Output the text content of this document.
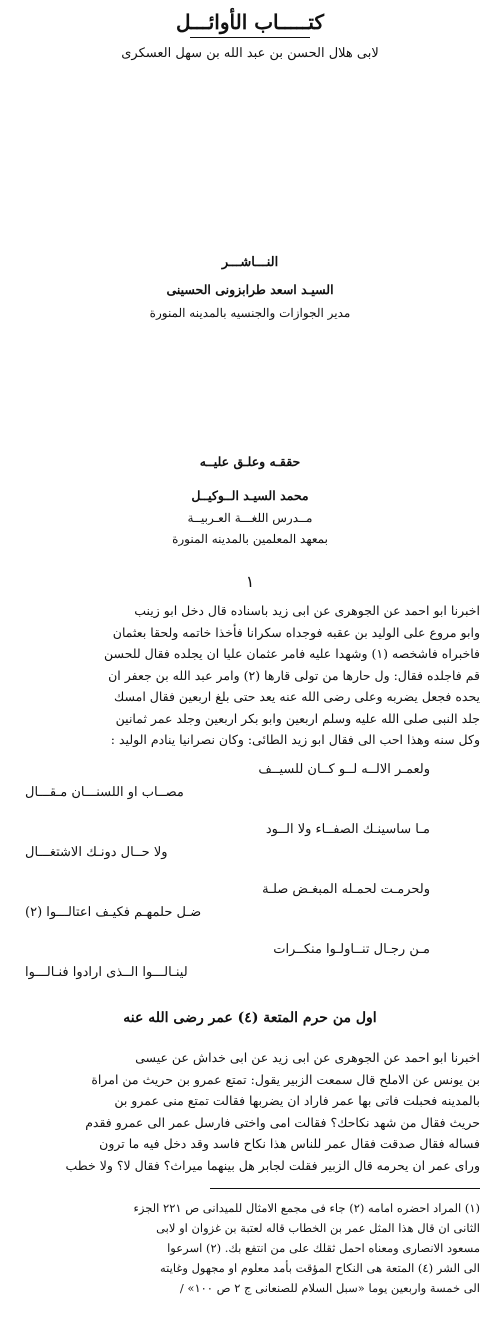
كتـــــاب الأوائـــل
لابى هلال الحسن بن عبد الله بن سهل العسكرى
النـــاشـــر
السيـد اسعد طرابزونى الحسينى
مدير الجوازات والجنسيه بالمدينه المنورة
حققـه وعلـق عليــه
محمد السيـد الــوكيــل
مــدرس اللغـــة العـربيــة
بمعهد المعلمين بالمدينه المنورة
١
اخبرنا ابو احمد عن الجوهرى عن ابى زيد باسناده قال دخل ابو زينب
وابو مروع على الوليد بن عقبه فوجداه سكرانا فأخذا خاتمه ولحقا بعثمان
فاخبراه فاشخصه (١) وشهدا عليه فامر عثمان عليا ان يجلده فقال للحسن
قم فاجلده فقال: ول حارها من تولى قارها (٢) وامر عبد الله بن جعفر ان
يحده فجعل يضربه وعلى رضى الله عنه يعد حتى بلغ اربعين فقال امسك
جلد النبى صلى الله عليه وسلم اربعين وابو بكر اربعين وجلد عمر ثمانين
وكل سنه وهذا احب الى فقال ابو زيد الطائى: وكان نصرانيا ينادم الوليد :
ولعمـر الالــه لــو كــان للسيــف
مصــاب او اللسنـــان مـقـــال
مـا ساسينـك الصفــاء ولا الــود
ولا حــال دونـك الاشتغـــال
ولحرمـت لحمـله المبغـض صلـة
ضـل حلمهـم فكيـف اعتالـــوا (٢)
مـن رجـال تنــاولـوا منكــرات
لينـالـــوا الــذى ارادوا فنـالـــوا
اول من حرم المتعة (٤) عمر رضى الله عنه
اخبرنا ابو احمد عن الجوهرى عن ابى زيد عن ابى خداش عن عيسى
بن يونس عن الاملح قال سمعت الزبير يقول: تمتع عمرو بن حريث من امراة
بالمدينه فحبلت فاتى بها عمر فاراد ان يضربها فقالت تمتع منى عمرو بن
حريث فقال من شهد نكاحك؟ فقالت امى واختى فارسل عمر الى عمرو فقدم
فساله فقال صدقت فقال عمر للناس هذا نكاح فاسد وقد دخل فيه ما ترون
وراى عمر ان يحرمه قال الزبير فقلت لجابر هل بينهما ميراث؟ فقال لا؟ ولا خطب
(١) المراد احضره امامه (٢) جاء فى مجمع الامثال للميدانى ص ٢٢١ الجزء
الثانى ان قال هذا المثل عمر بن الخطاب قاله لعتبة بن غزوان او لابى
مسعود الانصارى ومعناه احمل ثقلك على من انتفع بك. (٢) اسرعوا
الى الشر (٤) المتعة هى النكاح المؤقت بأمد معلوم او مجهول وغايته
الى خمسة واربعين يوما «سبل السلام للصنعانى ج ٢ ص ١٠٠» /
